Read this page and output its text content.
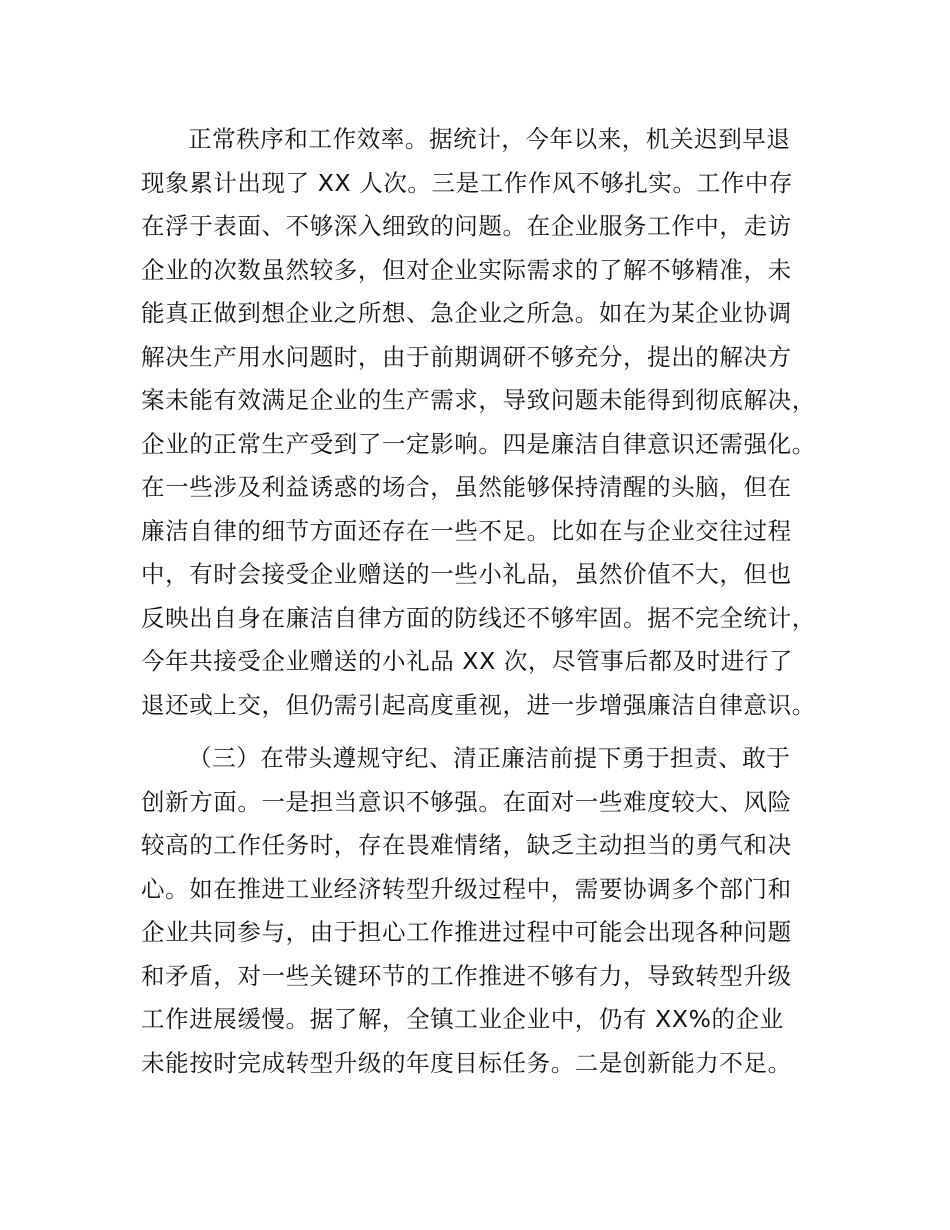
正常秩序和工作效率。据统计，今年以来，机关迟到早退
现象累计出现了 XX 人次。三是工作作风不够扎实。工作中存
在浮于表面、不够深入细致的问题。在企业服务工作中，走访
企业的次数虽然较多，但对企业实际需求的了解不够精准，未
能真正做到想企业之所想、急企业之所急。如在为某企业协调
解决生产用水问题时，由于前期调研不够充分，提出的解决方
案未能有效满足企业的生产需求，导致问题未能得到彻底解决，
企业的正常生产受到了一定影响。四是廉洁自律意识还需强化。
在一些涉及利益诱惑的场合，虽然能够保持清醒的头脑，但在
廉洁自律的细节方面还存在一些不足。比如在与企业交往过程
中，有时会接受企业赠送的一些小礼品，虽然价值不大，但也
反映出自身在廉洁自律方面的防线还不够牢固。据不完全统计，
今年共接受企业赠送的小礼品 XX 次，尽管事后都及时进行了
退还或上交，但仍需引起高度重视，进一步增强廉洁自律意识。
（三）在带头遵规守纪、清正廉洁前提下勇于担责、敢于
创新方面。一是担当意识不够强。在面对一些难度较大、风险
较高的工作任务时，存在畏难情绪，缺乏主动担当的勇气和决
心。如在推进工业经济转型升级过程中，需要协调多个部门和
企业共同参与，由于担心工作推进过程中可能会出现各种问题
和矛盾，对一些关键环节的工作推进不够有力，导致转型升级
工作进展缓慢。据了解，全镇工业企业中，仍有 XX%的企业
未能按时完成转型升级的年度目标任务。二是创新能力不足。
